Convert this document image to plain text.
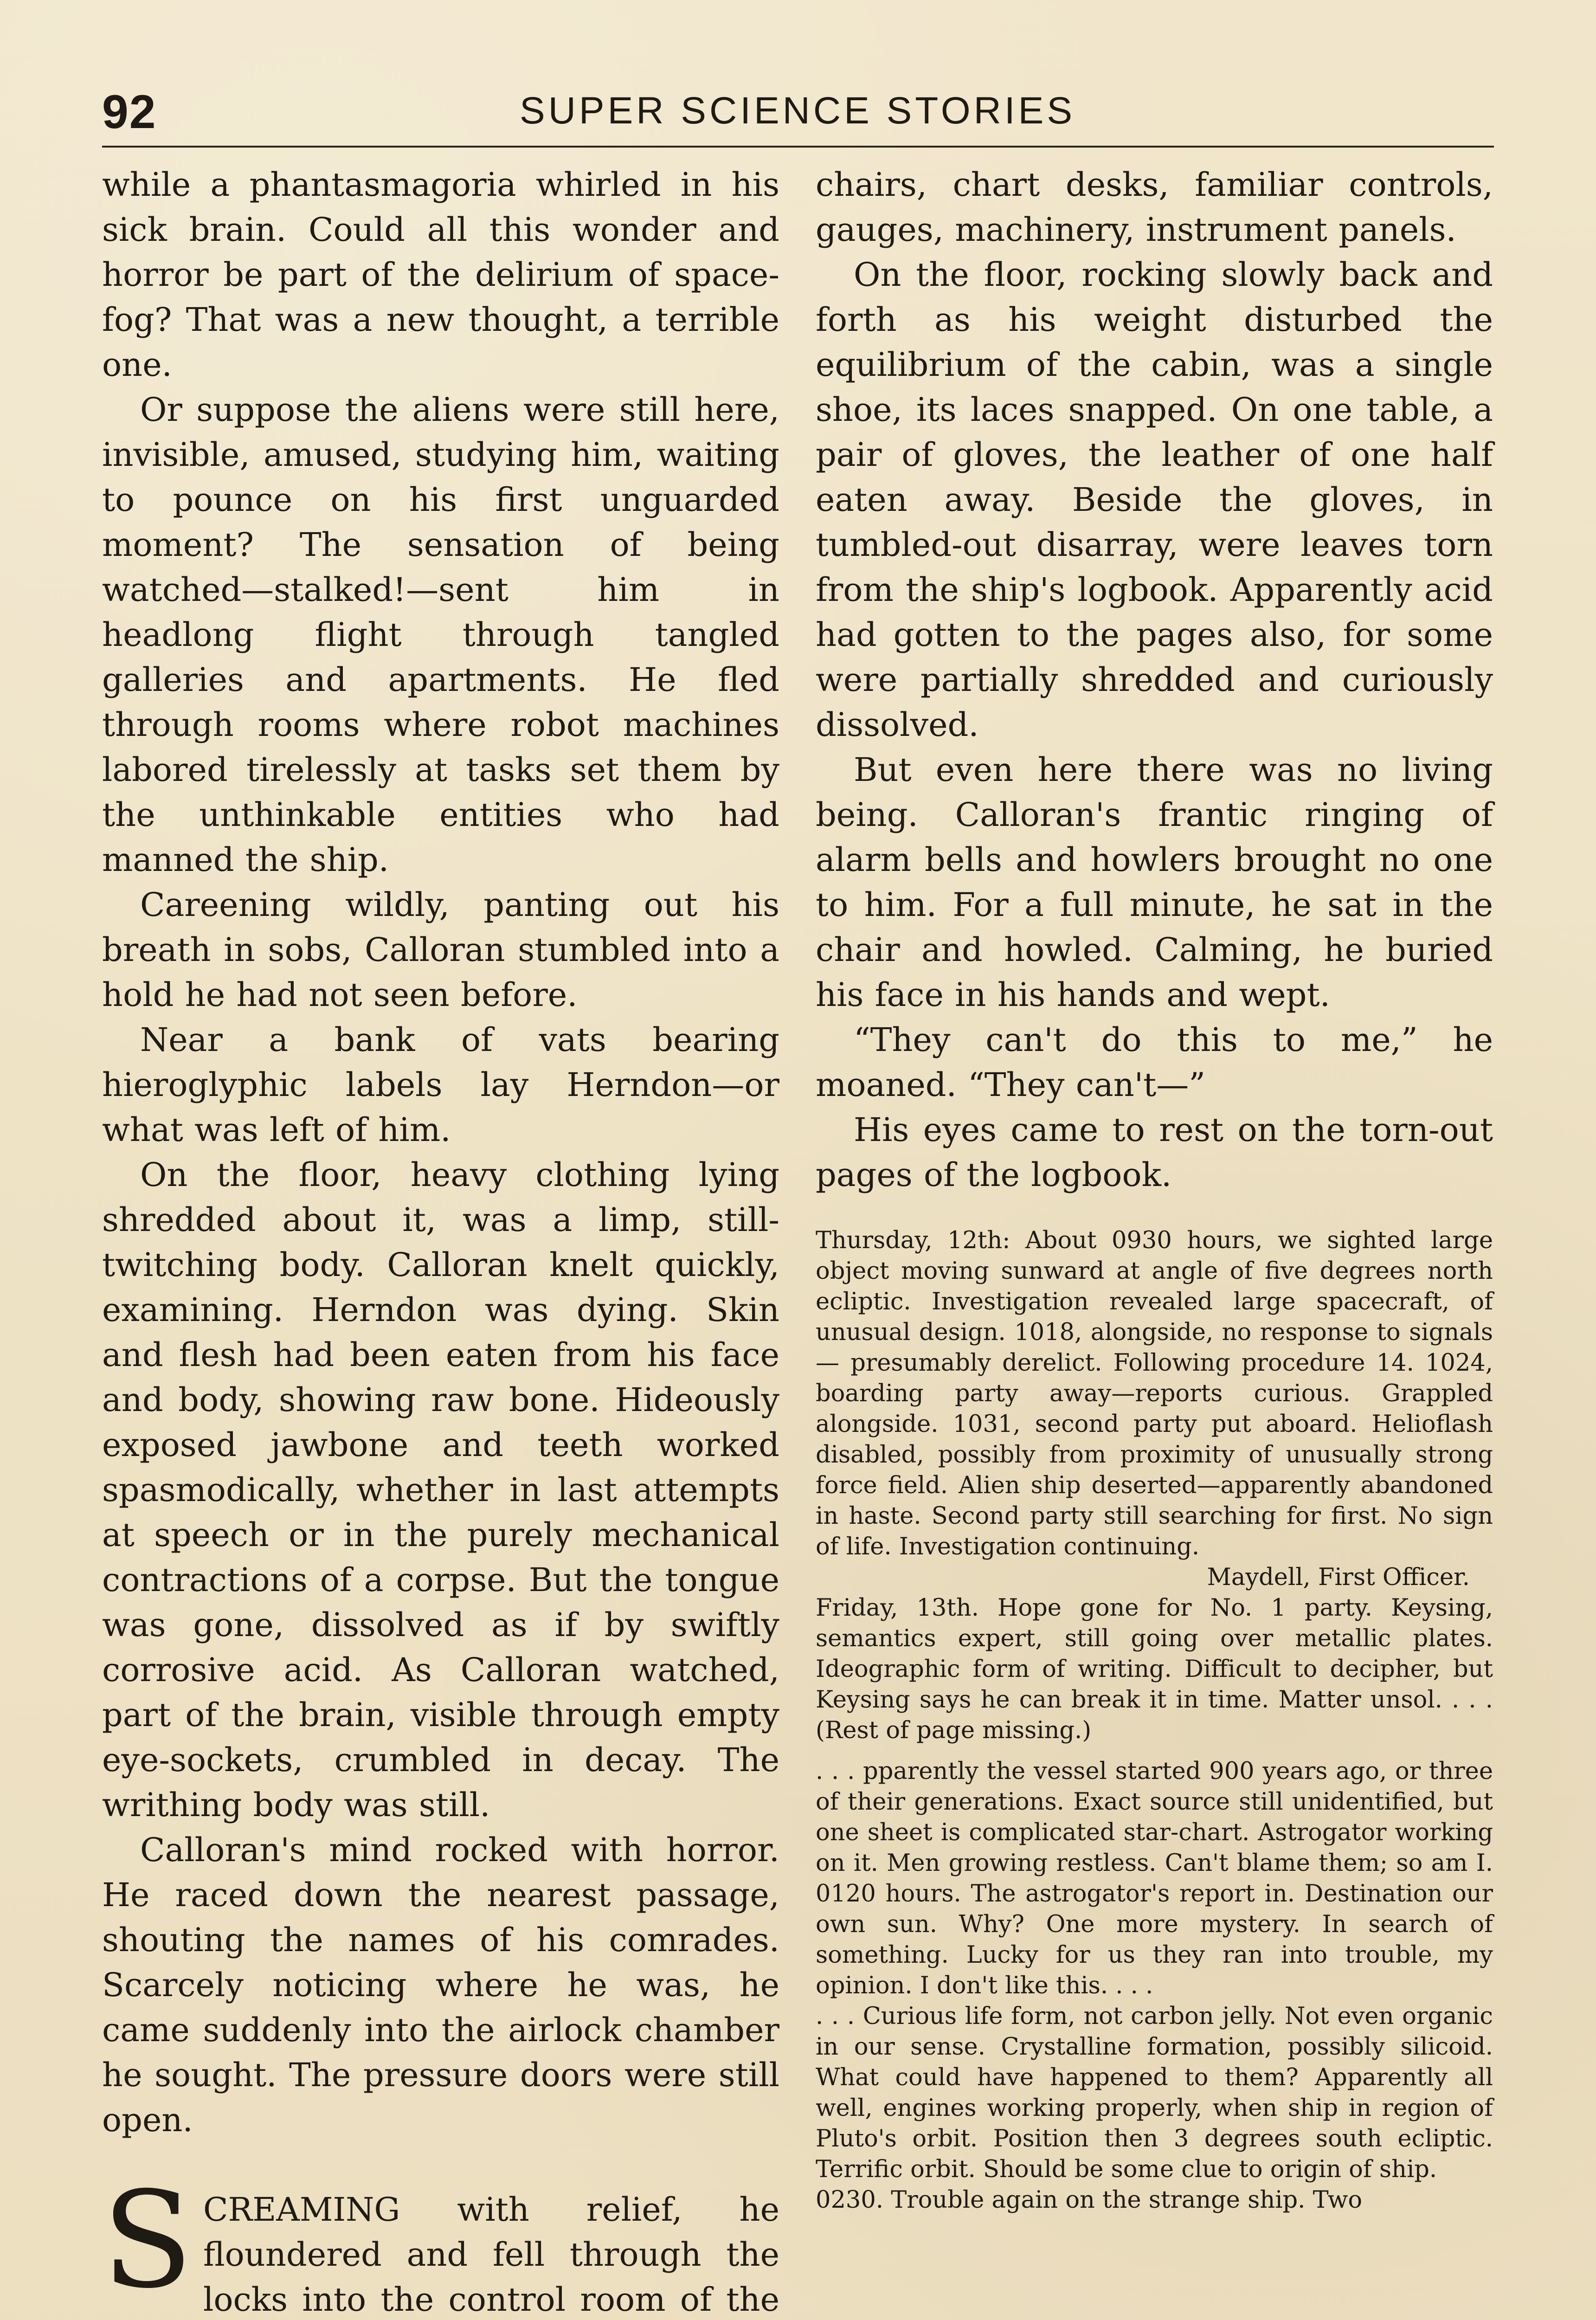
92	SUPER SCIENCE STORIES

while a phantasmagoria whirled in his sick brain. Could all this wonder and horror be part of the delirium of space-fog? That was a new thought, a terrible one.

Or suppose the aliens were still here, invisible, amused, studying him, waiting to pounce on his first unguarded moment? The sensation of being watched—stalked!—sent him in headlong flight through tangled galleries and apartments. He fled through rooms where robot machines labored tirelessly at tasks set them by the unthinkable entities who had manned the ship.

Careening wildly, panting out his breath in sobs, Calloran stumbled into a hold he had not seen before.

Near a bank of vats bearing hieroglyphic labels lay Herndon—or what was left of him.

On the floor, heavy clothing lying shredded about it, was a limp, still-twitching body. Calloran knelt quickly, examining. Herndon was dying. Skin and flesh had been eaten from his face and body, showing raw bone. Hideously exposed jawbone and teeth worked spasmodically, whether in last attempts at speech or in the purely mechanical contractions of a corpse. But the tongue was gone, dissolved as if by swiftly corrosive acid. As Calloran watched, part of the brain, visible through empty eye-sockets, crumbled in decay. The writhing body was still.

Calloran's mind rocked with horror. He raced down the nearest passage, shouting the names of his comrades. Scarcely noticing where he was, he came suddenly into the airlock chamber he sought. The pressure doors were still open.

S CREAMING with relief, he floundered and fell through the locks into the control room of the

chairs, chart desks, familiar controls, gauges, machinery, instrument panels.

On the floor, rocking slowly back and forth as his weight disturbed the equilibrium of the cabin, was a single shoe, its laces snapped. On one table, a pair of gloves, the leather of one half eaten away. Beside the gloves, in tumbled-out disarray, were leaves torn from the ship's logbook. Apparently acid had gotten to the pages also, for some were partially shredded and curiously dissolved.

But even here there was no living being. Calloran's frantic ringing of alarm bells and howlers brought no one to him. For a full minute, he sat in the chair and howled. Calming, he buried his face in his hands and wept.

“They can't do this to me,” he moaned. “They can't—”

His eyes came to rest on the torn-out pages of the logbook.

Thursday, 12th: About 0930 hours, we sighted large object moving sunward at angle of five degrees north ecliptic. Investigation revealed large spacecraft, of unusual design. 1018, alongside, no response to signals— presumably derelict. Following procedure 14. 1024, boarding party away—reports curious. Grappled alongside. 1031, second party put aboard. Helioflash disabled, possibly from proximity of unusually strong force field. Alien ship deserted—apparently abandoned in haste. Second party still searching for first. No sign of life. Investigation continuing.

Maydell, First Officer.

Friday, 13th. Hope gone for No. 1 party. Keysing, semantics expert, still going over metallic plates. Ideographic form of writing. Difficult to decipher, but Keysing says he can break it in time. Matter unsol. . . . (Rest of page missing.)

. . . pparently the vessel started 900 years ago, or three of their generations. Exact source still unidentified, but one sheet is complicated star-chart. Astrogator working on it. Men growing restless. Can't blame them; so am I. 0120 hours. The astrogator's report in. Destination our own sun. Why? One more mystery. In search of something. Lucky for us they ran into trouble, my opinion. I don't like this. . . .

. . . Curious life form, not carbon jelly. Not even organic in our sense. Crystalline formation, possibly silicoid. What could have happened to them? Apparently all well, engines working properly, when ship in region of Pluto's orbit. Position then 3 degrees south ecliptic. Terrific orbit. Should be some clue to origin of ship.

0230. Trouble again on the strange ship. Two
